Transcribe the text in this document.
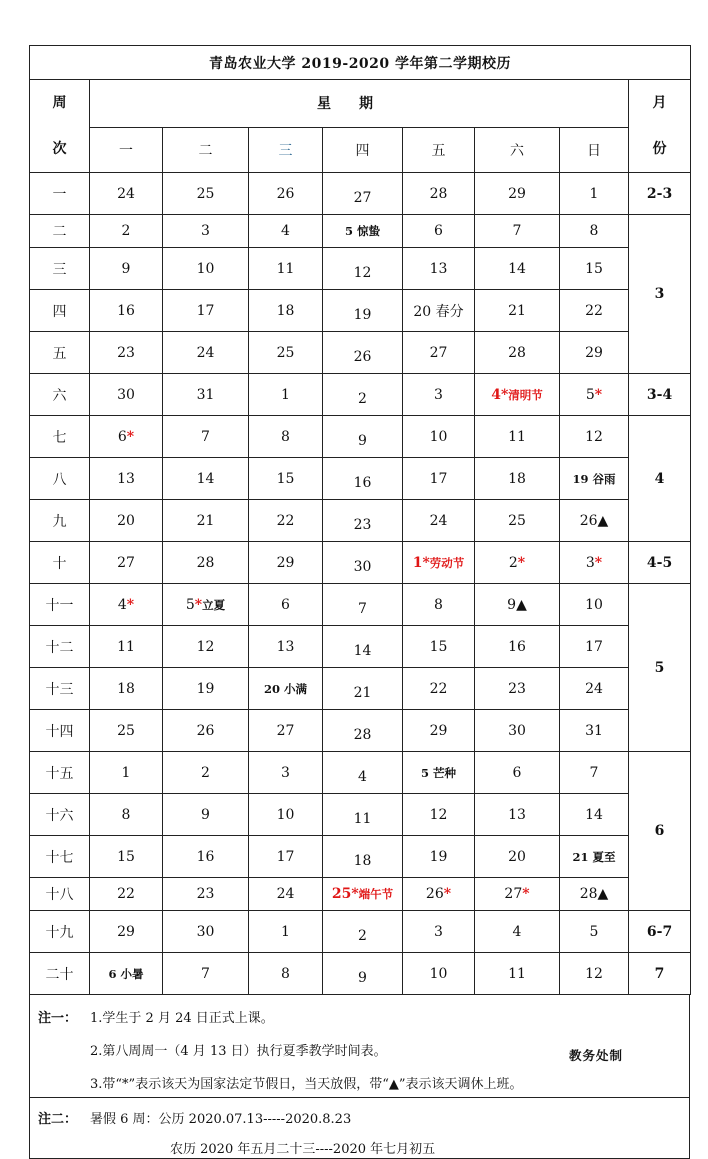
青岛农业大学 2019-2020 学年第二学期校历								
周
次	星期							月
份
	一	二	三	四	五	六	日	
一	24	25	26	27	28	29	1	2-3
二	2	3	4	5 惊蛰	6	7	8	3
三	9	10	11	12	13	14	15	
四	16	17	18	19	20 春分	21	22	
五	23	24	25	26	27	28	29	
六	30	31	1	2	3	4*清明节	5*	3-4
七	6*	7	8	9	10	11	12	4
八	13	14	15	16	17	18	19 谷雨	
九	20	21	22	23	24	25	26▲	
十	27	28	29	30	1*劳动节	2*	3*	4-5
十一	4*	5*立夏	6	7	8	9▲	10	5
十二	11	12	13	14	15	16	17	
十三	18	19	20 小满	21	22	23	24	
十四	25	26	27	28	29	30	31	
十五	1	2	3	4	5 芒种	6	7	6
十六	8	9	10	11	12	13	14	
十七	15	16	17	18	19	20	21 夏至	
十八	22	23	24	25*端午节	26*	27*	28▲	
十九	29	30	1	2	3	4	5	6-7
二十	6 小暑	7	8	9	10	11	12	7
注一： 1.学生于 2 月 24 日正式上课。
2.第八周周一（4 月 13 日）执行夏季教学时间表。
3.带“*”表示该天为国家法定节假日，当天放假，带“▲”表示该天调休上班。
注二： 暑假 6 周：公历 2020.07.13-----2020.8.23
农历 2020 年五月二十三----2020 年七月初五
教务处制
